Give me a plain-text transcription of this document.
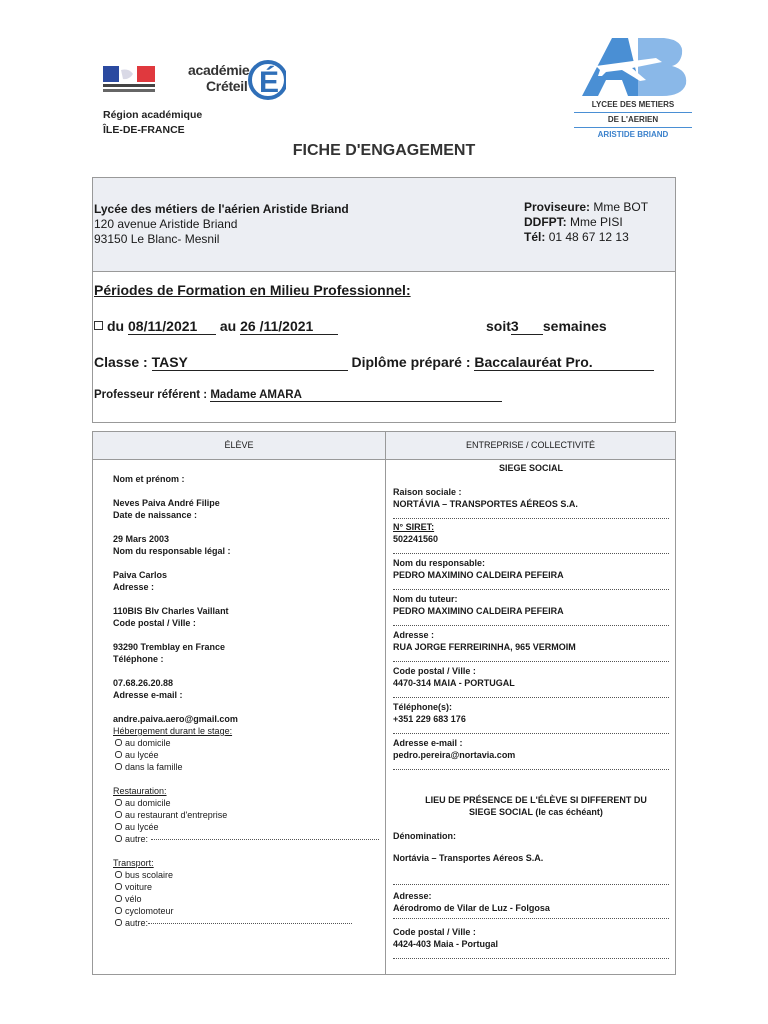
académie
Créteil É
Région académique
ÎLE-DE-FRANCE
LYCEE DES METIERS
DE L'AERIEN
ARISTIDE BRIAND
FICHE D'ENGAGEMENT
Lycée des métiers de l'aérien Aristide Briand
120 avenue Aristide Briand
93150 Le Blanc- Mesnil
Proviseure: Mme BOT
DDFPT: Mme PISI
Tél: 01 48 67 12 13
Périodes de Formation en Milieu Professionnel:
du 08/11/2021 au 26 /11/2021	soit3 semaines
Classe : TASY	Diplôme préparé : Baccalauréat Pro.
Professeur référent : Madame AMARA
ÉLÈVE	ENTREPRISE / COLLECTIVITÉ
Nom et prénom :
Neves Paiva André Filipe
Date de naissance :
29 Mars 2003
Nom du responsable légal :
Paiva Carlos
Adresse :
110BIS Blv Charles Vaillant
Code postal / Ville :
93290 Tremblay en France
Téléphone :
07.68.26.20.88
Adresse e-mail :
andre.paiva.aero@gmail.com
Hébergement durant le stage:
au domicile
au lycée
dans la famille
Restauration:
au domicile
au restaurant d'entreprise
au lycée
autre:
Transport:
bus scolaire
voiture
vélo
cyclomoteur
autre:
SIEGE SOCIAL
Raison sociale :
NORTÁVIA – TRANSPORTES AÉREOS S.A.
N° SIRET:
502241560
Nom du responsable:
PEDRO MAXIMINO CALDEIRA PEFEIRA
Nom du tuteur:
PEDRO MAXIMINO CALDEIRA PEFEIRA
Adresse :
RUA JORGE FERREIRINHA, 965 VERMOIM
Code postal / Ville :
4470-314 MAIA - PORTUGAL
Téléphone(s):
+351 229 683 176
Adresse e-mail :
pedro.pereira@nortavia.com
LIEU DE PRÉSENCE DE L'ÉLÈVE SI DIFFERENT DU
SIEGE SOCIAL (le cas échéant)
Dénomination:
Nortávia – Transportes Aéreos S.A.
Adresse:
Aérodromo de Vilar de Luz - Folgosa
Code postal / Ville :
4424-403 Maia - Portugal
